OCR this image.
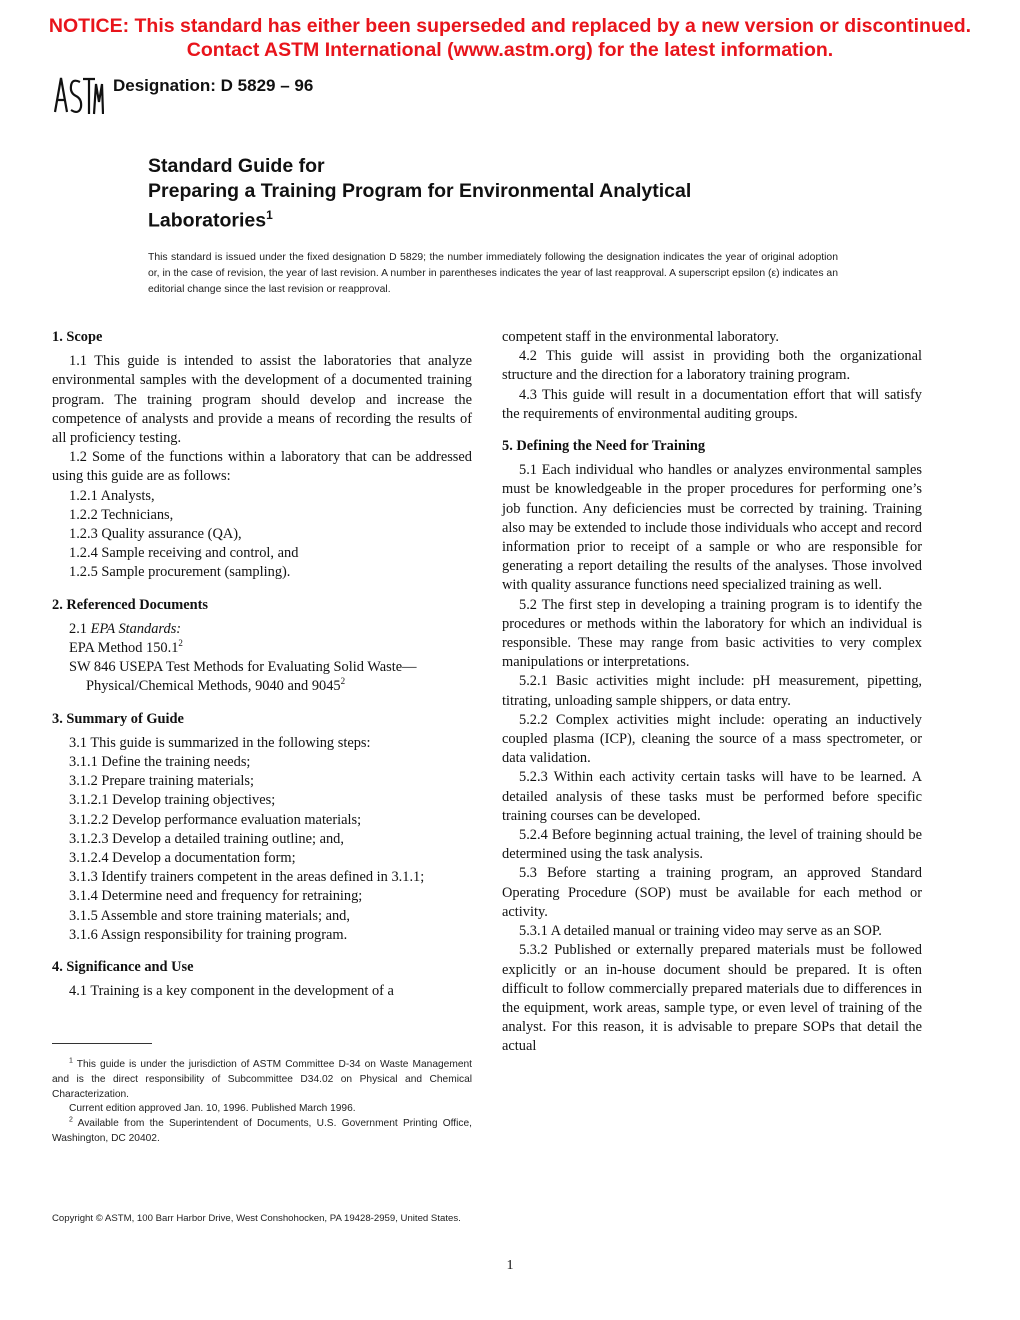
NOTICE: This standard has either been superseded and replaced by a new version or discontinued.
Contact ASTM International (www.astm.org) for the latest information.
Designation: D 5829 – 96
Standard Guide for
Preparing a Training Program for Environmental Analytical
Laboratories$^1$
This standard is issued under the fixed designation D 5829; the number immediately following the designation indicates the year of original adoption or, in the case of revision, the year of last revision. A number in parentheses indicates the year of last reapproval. A superscript epsilon (ε) indicates an editorial change since the last revision or reapproval.
1. Scope

1.1 This guide is intended to assist the laboratories that analyze environmental samples with the development of a documented training program. The training program should develop and increase the competence of analysts and provide a means of recording the results of all proficiency testing.

1.2 Some of the functions within a laboratory that can be addressed using this guide are as follows:

1.2.1 Analysts,

1.2.2 Technicians,

1.2.3 Quality assurance (QA),

1.2.4 Sample receiving and control, and

1.2.5 Sample procurement (sampling).

2. Referenced Documents

2.1 EPA Standards:

EPA Method 150.1$^2$

SW 846 USEPA Test Methods for Evaluating Solid Waste—Physical/Chemical Methods, 9040 and 9045$^2$

3. Summary of Guide

3.1 This guide is summarized in the following steps:

3.1.1 Define the training needs;

3.1.2 Prepare training materials;

3.1.2.1 Develop training objectives;

3.1.2.2 Develop performance evaluation materials;

3.1.2.3 Develop a detailed training outline; and,

3.1.2.4 Develop a documentation form;

3.1.3 Identify trainers competent in the areas defined in 3.1.1;

3.1.4 Determine need and frequency for retraining;

3.1.5 Assemble and store training materials; and,

3.1.6 Assign responsibility for training program.

4. Significance and Use

4.1 Training is a key component in the development of a

competent staff in the environmental laboratory.

4.2 This guide will assist in providing both the organizational structure and the direction for a laboratory training program.

4.3 This guide will result in a documentation effort that will satisfy the requirements of environmental auditing groups.

5. Defining the Need for Training

5.1 Each individual who handles or analyzes environmental samples must be knowledgeable in the proper procedures for performing one’s job function. Any deficiencies must be corrected by training. Training also may be extended to include those individuals who accept and record information prior to receipt of a sample or who are responsible for generating a report detailing the results of the analyses. Those involved with quality assurance functions need specialized training as well.

5.2 The first step in developing a training program is to identify the procedures or methods within the laboratory for which an individual is responsible. These may range from basic activities to very complex manipulations or interpretations.

5.2.1 Basic activities might include: pH measurement, pipetting, titrating, unloading sample shippers, or data entry.

5.2.2 Complex activities might include: operating an inductively coupled plasma (ICP), cleaning the source of a mass spectrometer, or data validation.

5.2.3 Within each activity certain tasks will have to be learned. A detailed analysis of these tasks must be performed before specific training courses can be developed.

5.2.4 Before beginning actual training, the level of training should be determined using the task analysis.

5.3 Before starting a training program, an approved Standard Operating Procedure (SOP) must be available for each method or activity.

5.3.1 A detailed manual or training video may serve as an SOP.

5.3.2 Published or externally prepared materials must be followed explicitly or an in-house document should be prepared. It is often difficult to follow commercially prepared materials due to differences in the equipment, work areas, sample type, or even level of training of the analyst. For this reason, it is advisable to prepare SOPs that detail the actual

$^1$ This guide is under the jurisdiction of ASTM Committee D-34 on Waste Management and is the direct responsibility of Subcommittee D34.02 on Physical and Chemical Characterization.

Current edition approved Jan. 10, 1996. Published March 1996.

$^2$ Available from the Superintendent of Documents, U.S. Government Printing Office, Washington, DC 20402.

Copyright © ASTM, 100 Barr Harbor Drive, West Conshohocken, PA 19428-2959, United States.
1
